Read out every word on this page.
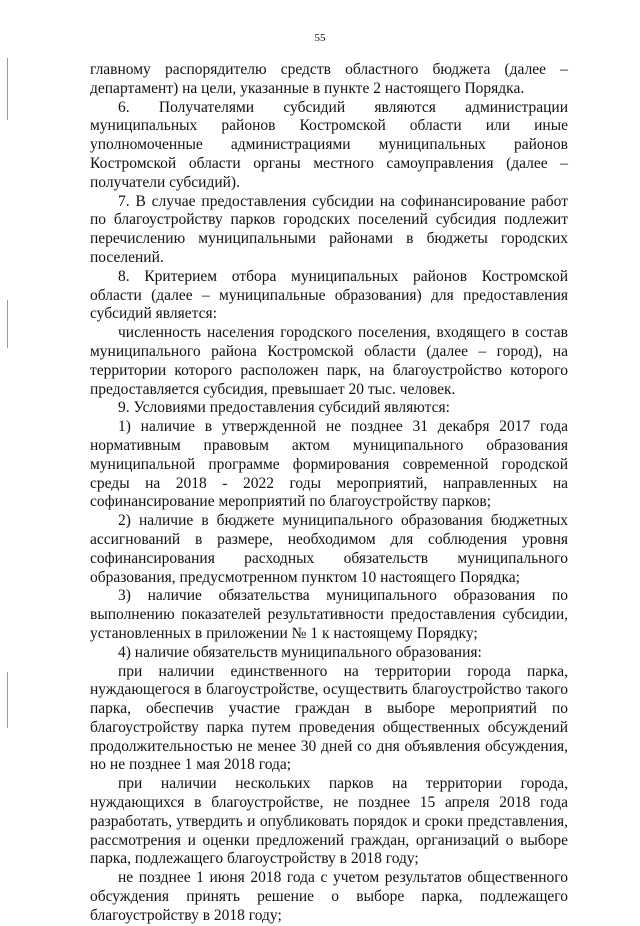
55

главному распорядителю средств областного бюджета (далее – департамент) на цели, указанные в пункте 2 настоящего Порядка.

6. Получателями субсидий являются администрации муниципальных районов Костромской области или иные уполномоченные администрациями муниципальных районов Костромской области органы местного самоуправления (далее – получатели субсидий).

7. В случае предоставления субсидии на софинансирование работ по благоустройству парков городских поселений субсидия подлежит перечислению муниципальными районами в бюджеты городских поселений.

8. Критерием отбора муниципальных районов Костромской области (далее – муниципальные образования) для предоставления субсидий является:

численность населения городского поселения, входящего в состав муниципального района Костромской области (далее – город), на территории которого расположен парк, на благоустройство которого предоставляется субсидия, превышает 20 тыс. человек.

9. Условиями предоставления субсидий являются:

1) наличие в утвержденной не позднее 31 декабря 2017 года нормативным правовым актом муниципального образования муниципальной программе формирования современной городской среды на 2018 - 2022 годы мероприятий, направленных на софинансирование мероприятий по благоустройству парков;

2) наличие в бюджете муниципального образования бюджетных ассигнований в размере, необходимом для соблюдения уровня софинансирования расходных обязательств муниципального образования, предусмотренном пунктом 10 настоящего Порядка;

3) наличие обязательства муниципального образования по выполнению показателей результативности предоставления субсидии, установленных в приложении № 1 к настоящему Порядку;

4) наличие обязательств муниципального образования:

при наличии единственного на территории города парка, нуждающегося в благоустройстве, осуществить благоустройство такого парка, обеспечив участие граждан в выборе мероприятий по благоустройству парка путем проведения общественных обсуждений продолжительностью не менее 30 дней со дня объявления обсуждения, но не позднее 1 мая 2018 года;

при наличии нескольких парков на территории города, нуждающихся в благоустройстве, не позднее 15 апреля 2018 года разработать, утвердить и опубликовать порядок и сроки представления, рассмотрения и оценки предложений граждан, организаций о выборе парка, подлежащего благоустройству в 2018 году;

не позднее 1 июня 2018 года с учетом результатов общественного обсуждения принять решение о выборе парка, подлежащего благоустройству в 2018 году;
